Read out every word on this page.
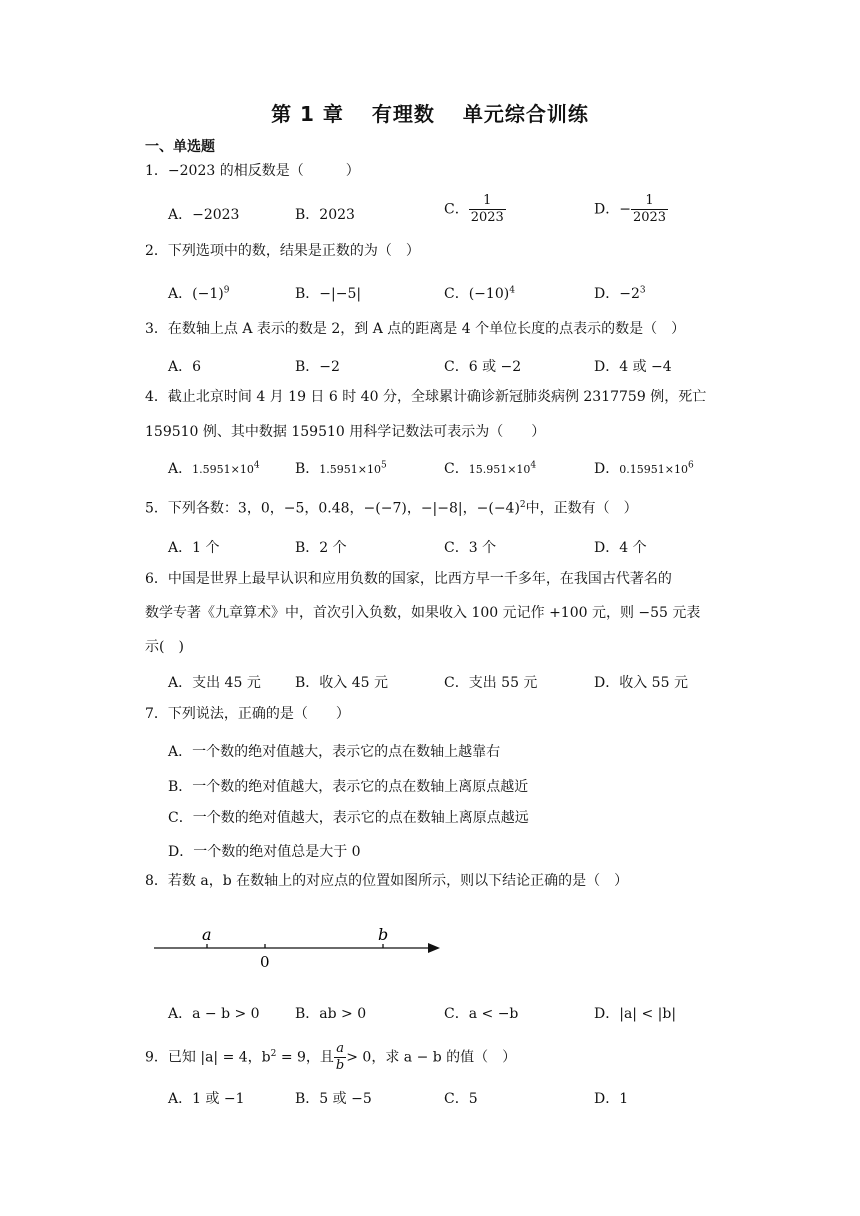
第 1 章 有理数 单元综合训练
一、单选题
1．−2023 的相反数是（　　　）
A．−2023	B．2023	C． $\frac{1}{2023}$	D．− $\frac{1}{2023}$
2．下列选项中的数，结果是正数的为（　）
A．$(-1)^9$	B．−|−5|	C．$(-10)^4$	D．$-2^3$
3．在数轴上点 A 表示的数是 2，到 A 点的距离是 4 个单位长度的点表示的数是（　）
A．6	B．−2	C．6 或 −2	D．4 或 −4
4．截止北京时间 4 月 19 日 6 时 40 分，全球累计确诊新冠肺炎病例 2317759 例，死亡
159510 例、其中数据 159510 用科学记数法可表示为（　　）
A．$1.5951\times 10^4$	B．$1.5951\times 10^5$	C．$15.951\times 10^4$	D．$0.15951\times 10^6$
5．下列各数：3，0，−5，0.48，−(−7)，−|−8|，$-(-4)^2$中，正数有（　）
A．1 个	B．2 个	C．3 个	D．4 个
6．中国是世界上最早认识和应用负数的国家，比西方早一千多年，在我国古代著名的
数学专著《九章算术》中，首次引入负数，如果收入 100 元记作 +100 元，则 −55 元表
示(　)
A．支出 45 元 B．收入 45 元	C．支出 55 元	D．收入 55 元
7．下列说法，正确的是（　　）
A．一个数的绝对值越大，表示它的点在数轴上越靠右
B．一个数的绝对值越大，表示它的点在数轴上离原点越近
C．一个数的绝对值越大，表示它的点在数轴上离原点越远
D．一个数的绝对值总是大于 0
8．若数 a，b 在数轴上的对应点的位置如图所示，则以下结论正确的是（　）
a
0
b
A．a − b > 0	B．ab > 0	C．a < −b	D．|a| < |b|
9．已知 |a| = 4，$b^2 = 9$，且 $\frac{a}{b} > 0$，求 a − b 的值（　）
A．1 或 −1	B．5 或 −5	C．5	D．1
